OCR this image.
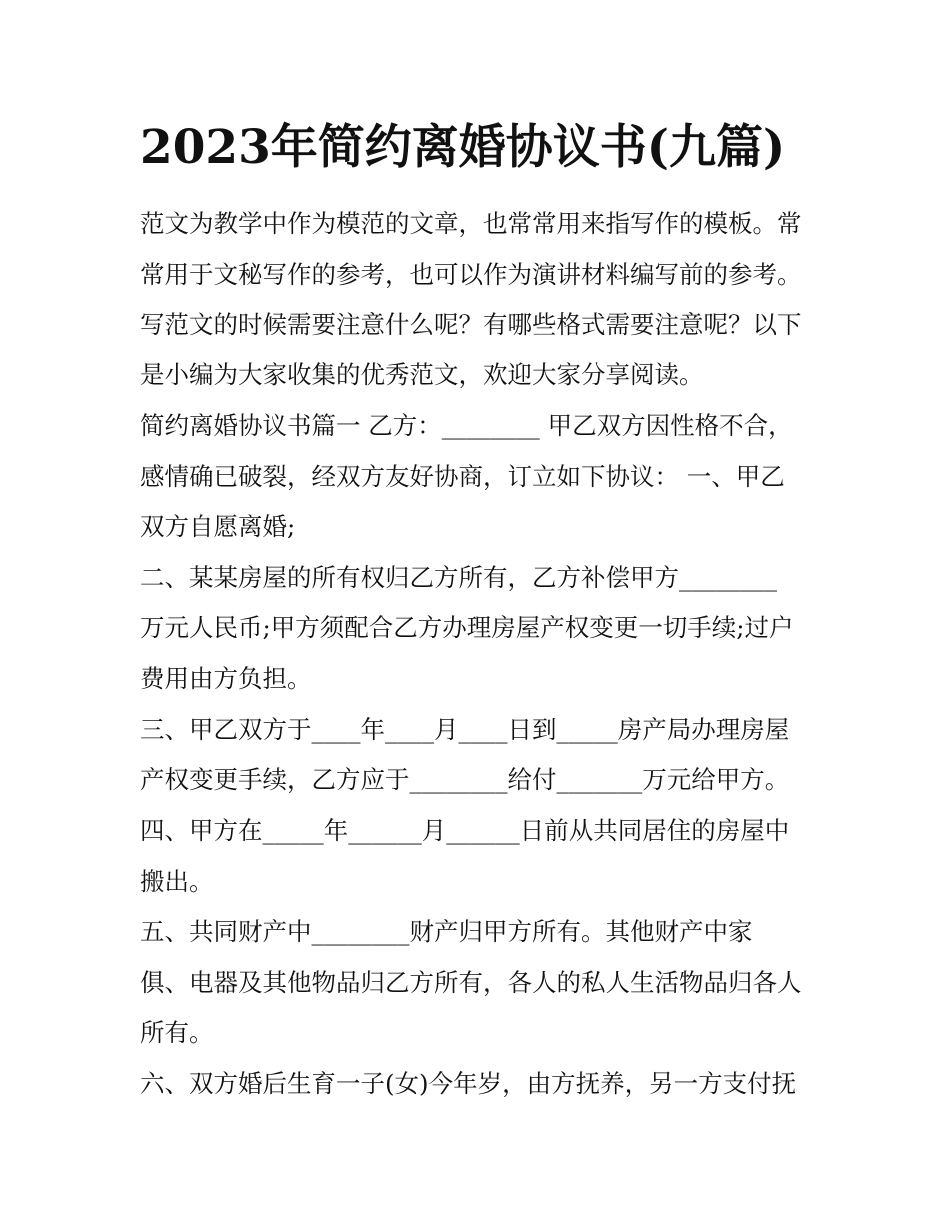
2023年简约离婚协议书(九篇)

范文为教学中作为模范的文章，也常常用来指写作的模板。常

常用于文秘写作的参考，也可以作为演讲材料编写前的参考。

写范文的时候需要注意什么呢？有哪些格式需要注意呢？以下

是小编为大家收集的优秀范文，欢迎大家分享阅读。

简约离婚协议书篇一 乙方：________ 甲乙双方因性格不合，

感情确已破裂，经双方友好协商，订立如下协议： 一、甲乙

双方自愿离婚;

二、某某房屋的所有权归乙方所有，乙方补偿甲方________

万元人民币;甲方须配合乙方办理房屋产权变更一切手续;过户

费用由方负担。

三、甲乙双方于____年____月____日到_____房产局办理房屋

产权变更手续，乙方应于________给付_______万元给甲方。

四、甲方在_____年______月______日前从共同居住的房屋中

搬出。

五、共同财产中________财产归甲方所有。其他财产中家

俱、电器及其他物品归乙方所有，各人的私人生活物品归各人

所有。

六、双方婚后生育一子(女)今年岁，由方抚养，另一方支付抚
